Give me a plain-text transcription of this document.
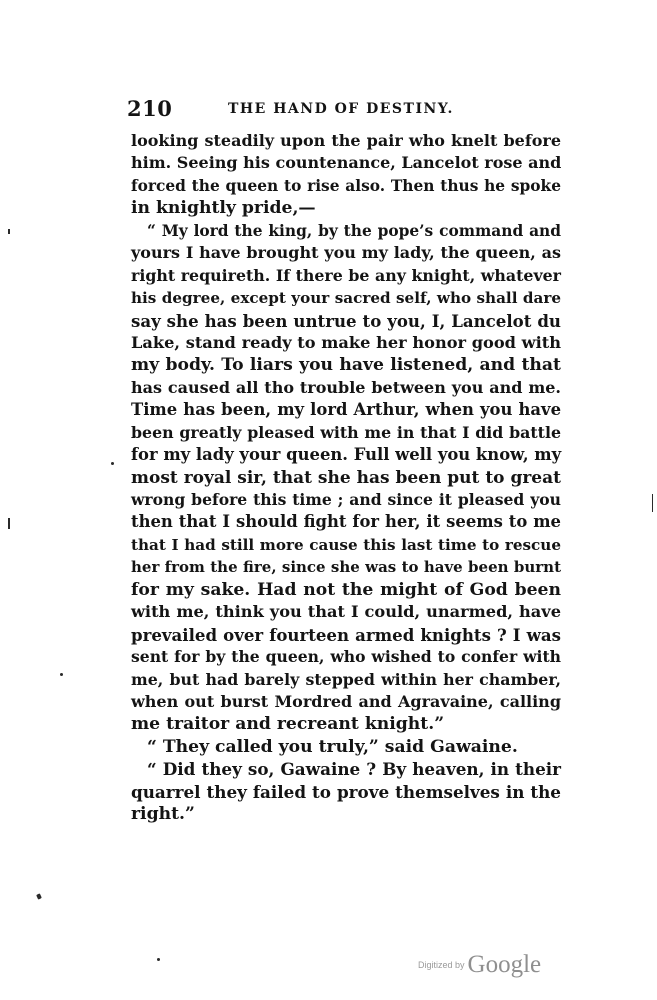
210	THE HAND OF DESTINY.
looking steadily upon the pair who knelt before
him. Seeing his countenance, Lancelot rose and
forced the queen to rise also. Then thus he spoke
in knightly pride,—
“ My lord the king, by the pope’s command and
yours I have brought you my lady, the queen, as
right requireth. If there be any knight, whatever
his degree, except your sacred self, who shall dare
say she has been untrue to you, I, Lancelot du
Lake, stand ready to make her honor good with
my body. To liars you have listened, and that
has caused all tho trouble between you and me.
Time has been, my lord Arthur, when you have
been greatly pleased with me in that I did battle
for my lady your queen. Full well you know, my
most royal sir, that she has been put to great
wrong before this time ; and since it pleased you
then that I should fight for her, it seems to me
that I had still more cause this last time to rescue
her from the fire, since she was to have been burnt
for my sake. Had not the might of God been
with me, think you that I could, unarmed, have
prevailed over fourteen armed knights ? I was
sent for by the queen, who wished to confer with
me, but had barely stepped within her chamber,
when out burst Mordred and Agravaine, calling
me traitor and recreant knight.”
“ They called you truly,” said Gawaine.
“ Did they so, Gawaine ? By heaven, in their
quarrel they failed to prove themselves in the
right.”
$^{Digitized by}$ Google
